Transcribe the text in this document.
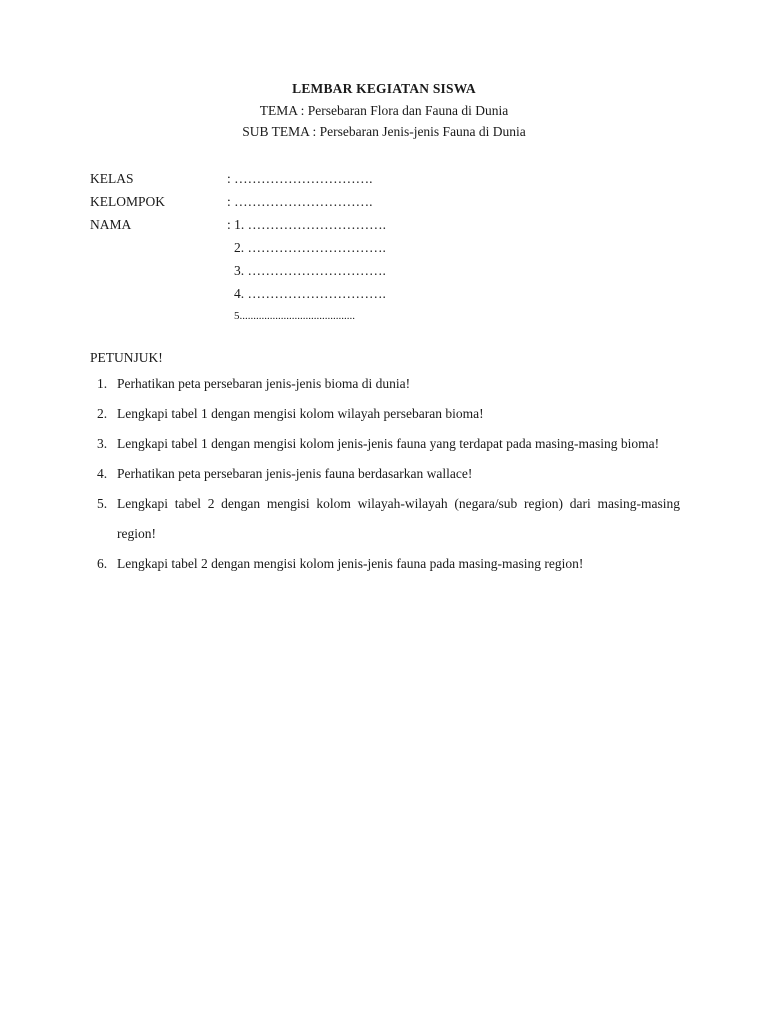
LEMBAR KEGIATAN SISWA
TEMA : Persebaran Flora dan Fauna di Dunia
SUB TEMA : Persebaran Jenis-jenis Fauna di Dunia
KELAS	: ………………………….
KELOMPOK	: ………………………….
NAMA	: 1. ………………………….
2. ………………………….
3. ………………………….
4. ………………………….
5..........................................
PETUNJUK!
1. Perhatikan peta persebaran jenis-jenis bioma di dunia!
2. Lengkapi tabel 1 dengan mengisi kolom wilayah persebaran bioma!
3. Lengkapi tabel 1 dengan mengisi kolom jenis-jenis fauna yang terdapat pada masing-masing bioma!
4. Perhatikan peta persebaran jenis-jenis fauna berdasarkan wallace!
5. Lengkapi tabel 2 dengan mengisi kolom wilayah-wilayah (negara/sub region) dari masing-masing region!
6. Lengkapi tabel 2 dengan mengisi kolom jenis-jenis fauna pada masing-masing region!
